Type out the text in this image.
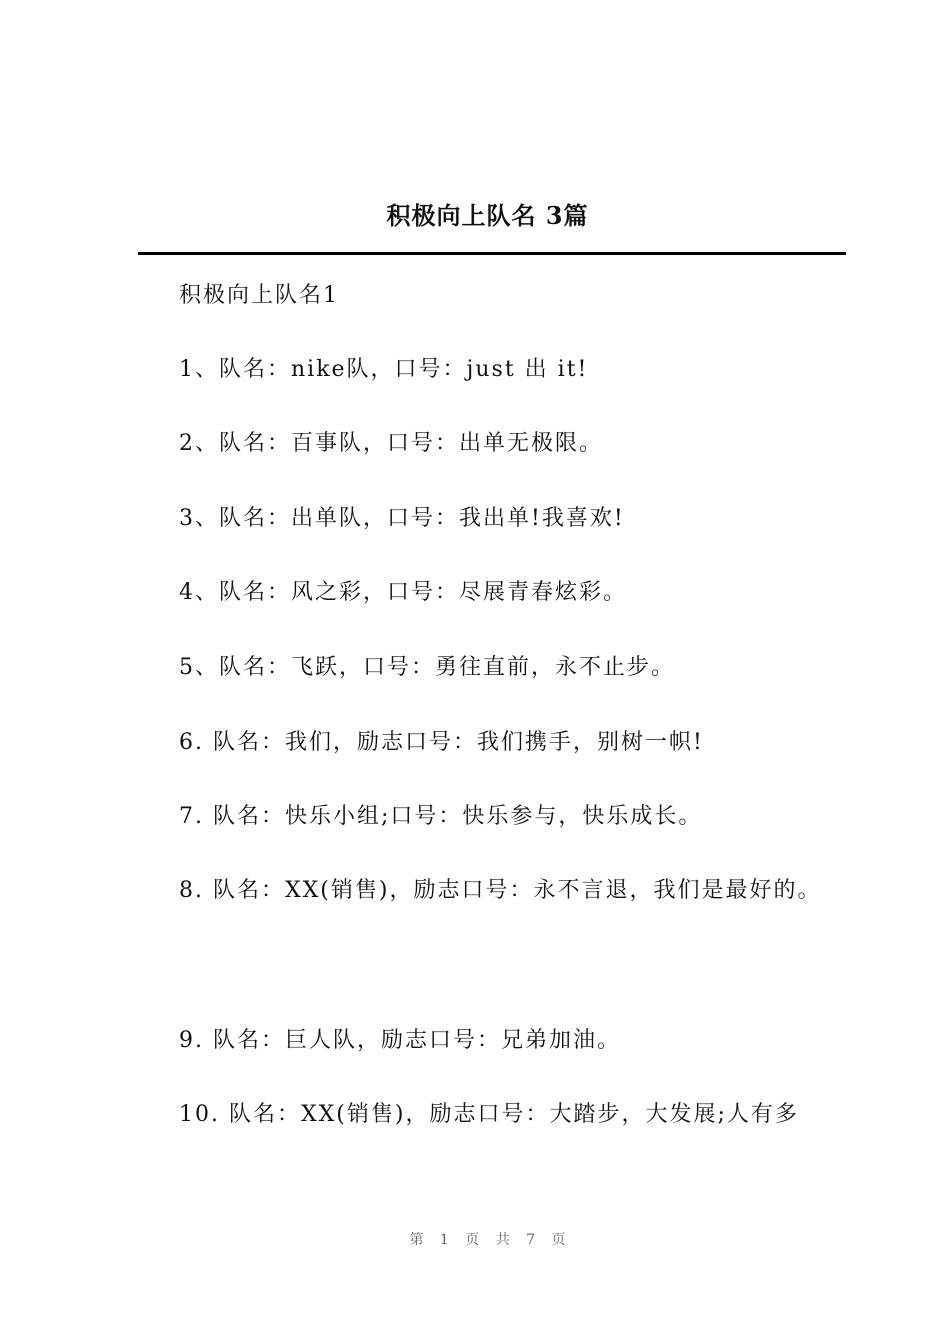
积极向上队名 3篇
积极向上队名1
1、队名：nike队，口号：just 出 it!
2、队名：百事队，口号：出单无极限。
3、队名：出单队，口号：我出单!我喜欢!
4、队名：风之彩，口号：尽展青春炫彩。
5、队名：飞跃，口号：勇往直前，永不止步。
6. 队名：我们，励志口号：我们携手，别树一帜!
7. 队名：快乐小组;口号：快乐参与，快乐成长。
8. 队名：XX(销售)，励志口号：永不言退，我们是最好的。
9. 队名：巨人队，励志口号：兄弟加油。
10. 队名：XX(销售)，励志口号：大踏步，大发展;人有多
第 1 页 共 7 页
